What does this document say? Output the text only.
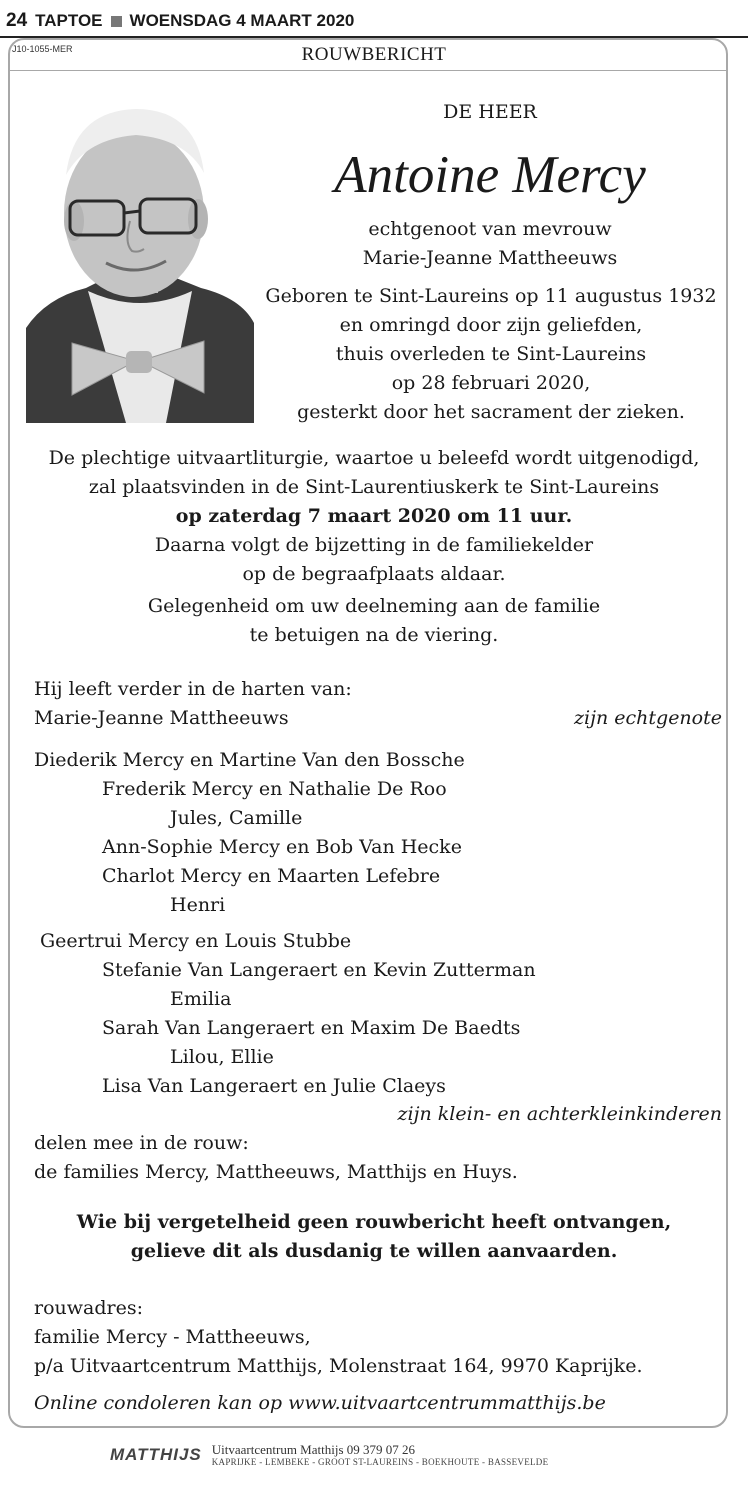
24 TAPTOE WOENSDAG 4 MAART 2020
J10-1055-MER	ROUWBERICHT
DE HEER
Antoine Mercy
echtgenoot van mevrouw
Marie-Jeanne Mattheeuws
Geboren te Sint-Laureins op 11 augustus 1932
en omringd door zijn geliefden,
thuis overleden te Sint-Laureins
op 28 februari 2020,
gesterkt door het sacrament der zieken.
De plechtige uitvaartliturgie, waartoe u beleefd wordt uitgenodigd,
zal plaatsvinden in de Sint-Laurentiuskerk te Sint-Laureins
op zaterdag 7 maart 2020 om 11 uur.
Daarna volgt de bijzetting in de familiekelder
op de begraafplaats aldaar.
Gelegenheid om uw deelneming aan de familie
te betuigen na de viering.
Hij leeft verder in de harten van:
Marie-Jeanne Mattheeuws	zijn echtgenote
Diederik Mercy en Martine Van den Bossche
Frederik Mercy en Nathalie De Roo
Jules, Camille
Ann-Sophie Mercy en Bob Van Hecke
Charlot Mercy en Maarten Lefebre
Henri
Geertrui Mercy en Louis Stubbe
Stefanie Van Langeraert en Kevin Zutterman
Emilia
Sarah Van Langeraert en Maxim De Baedts
Lilou, Ellie
Lisa Van Langeraert en Julie Claeys
zijn klein- en achterkleinkinderen
delen mee in de rouw:
de families Mercy, Mattheeuws, Matthijs en Huys.
Wie bij vergetelheid geen rouwbericht heeft ontvangen,
gelieve dit als dusdanig te willen aanvaarden.
rouwadres:
familie Mercy - Mattheeuws,
p/a Uitvaartcentrum Matthijs, Molenstraat 164, 9970 Kaprijke.
Online condoleren kan op www.uitvaartcentrummatthijs.be
MATTHIJS Uitvaartcentrum Matthijs 09 379 07 26
KAPRIJKE - LEMBEKE - GROOT ST-LAUREINS - BOEKHOUTE - BASSEVELDE
